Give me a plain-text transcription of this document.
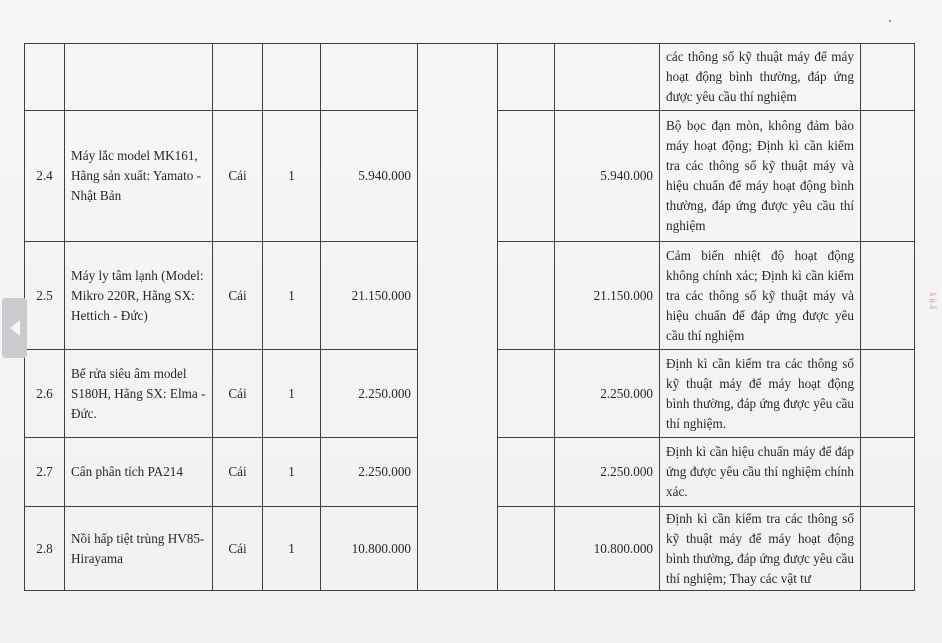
								các thông số kỹ thuật máy để máy hoạt động bình thường, đáp ứng được yêu cầu thí nghiệm	
2.4	Máy lắc model MK161, Hãng sản xuất: Yamato - Nhật Bản	Cái	1	5.940.000			5.940.000	Bộ bọc đạn mòn, không đảm bảo máy hoạt động; Định kì cần kiểm tra các thông số kỹ thuật máy và hiệu chuẩn để máy hoạt động bình thường, đáp ứng được yêu cầu thí nghiệm	
2.5	Máy ly tâm lạnh (Model: Mikro 220R, Hãng SX: Hettich - Đức)	Cái	1	21.150.000			21.150.000	Cảm biến nhiệt độ hoạt động không chính xác; Định kì cần kiểm tra các thông số kỹ thuật máy và hiệu chuẩn để đáp ứng được yêu cầu thí nghiệm	
2.6	Bể rửa siêu âm model S180H, Hãng SX: Elma - Đức.	Cái	1	2.250.000			2.250.000	Định kì cần kiểm tra các thông số kỹ thuật máy để máy hoạt động bình thường, đáp ứng được yêu cầu thí nghiệm.	
2.7	Cân phân tích PA214	Cái	1	2.250.000			2.250.000	Định kì cần hiệu chuẩn máy để đáp ứng được yêu cầu thí nghiệm chính xác.	
2.8	Nồi hấp tiệt trùng HV85-Hirayama	Cái	1	10.800.000			10.800.000	Định kì cần kiểm tra các thông số kỹ thuật máy để máy hoạt động bình thường, đáp ứng được yêu cầu thí nghiệm; Thay các vật tư	
ă ủ ắ
